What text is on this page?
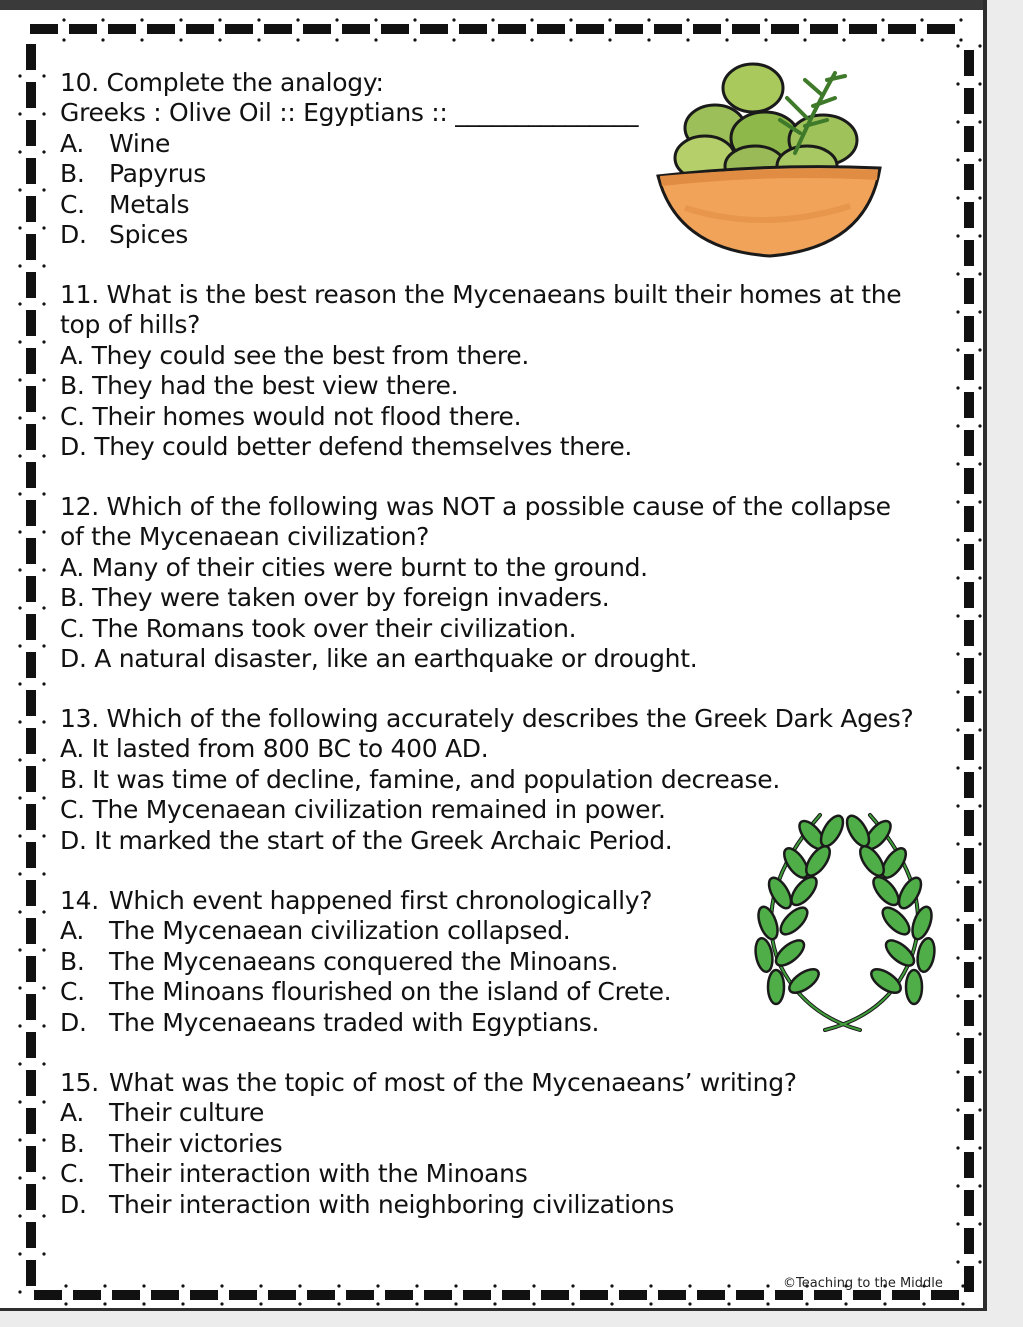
10. Complete the analogy:
Greeks : Olive Oil :: Egyptians :: _______________
A. Wine
B. Papyrus
C. Metals
D. Spices
11. What is the best reason the Mycenaeans built their homes at the
top of hills?
A. They could see the best from there.
B. They had the best view there.
C. Their homes would not flood there.
D. They could better defend themselves there.
12. Which of the following was NOT a possible cause of the collapse
of the Mycenaean civilization?
A. Many of their cities were burnt to the ground.
B. They were taken over by foreign invaders.
C. The Romans took over their civilization.
D. A natural disaster, like an earthquake or drought.
13. Which of the following accurately describes the Greek Dark Ages?
A. It lasted from 800 BC to 400 AD.
B. It was time of decline, famine, and population decrease.
C. The Mycenaean civilization remained in power.
D. It marked the start of the Greek Archaic Period.
14. Which event happened first chronologically?
A. The Mycenaean civilization collapsed.
B. The Mycenaeans conquered the Minoans.
C. The Minoans flourished on the island of Crete.
D. The Mycenaeans traded with Egyptians.
15. What was the topic of most of the Mycenaeans’ writing?
A. Their culture
B. Their victories
C. Their interaction with the Minoans
D. Their interaction with neighboring civilizations
©Teaching to the Middle
